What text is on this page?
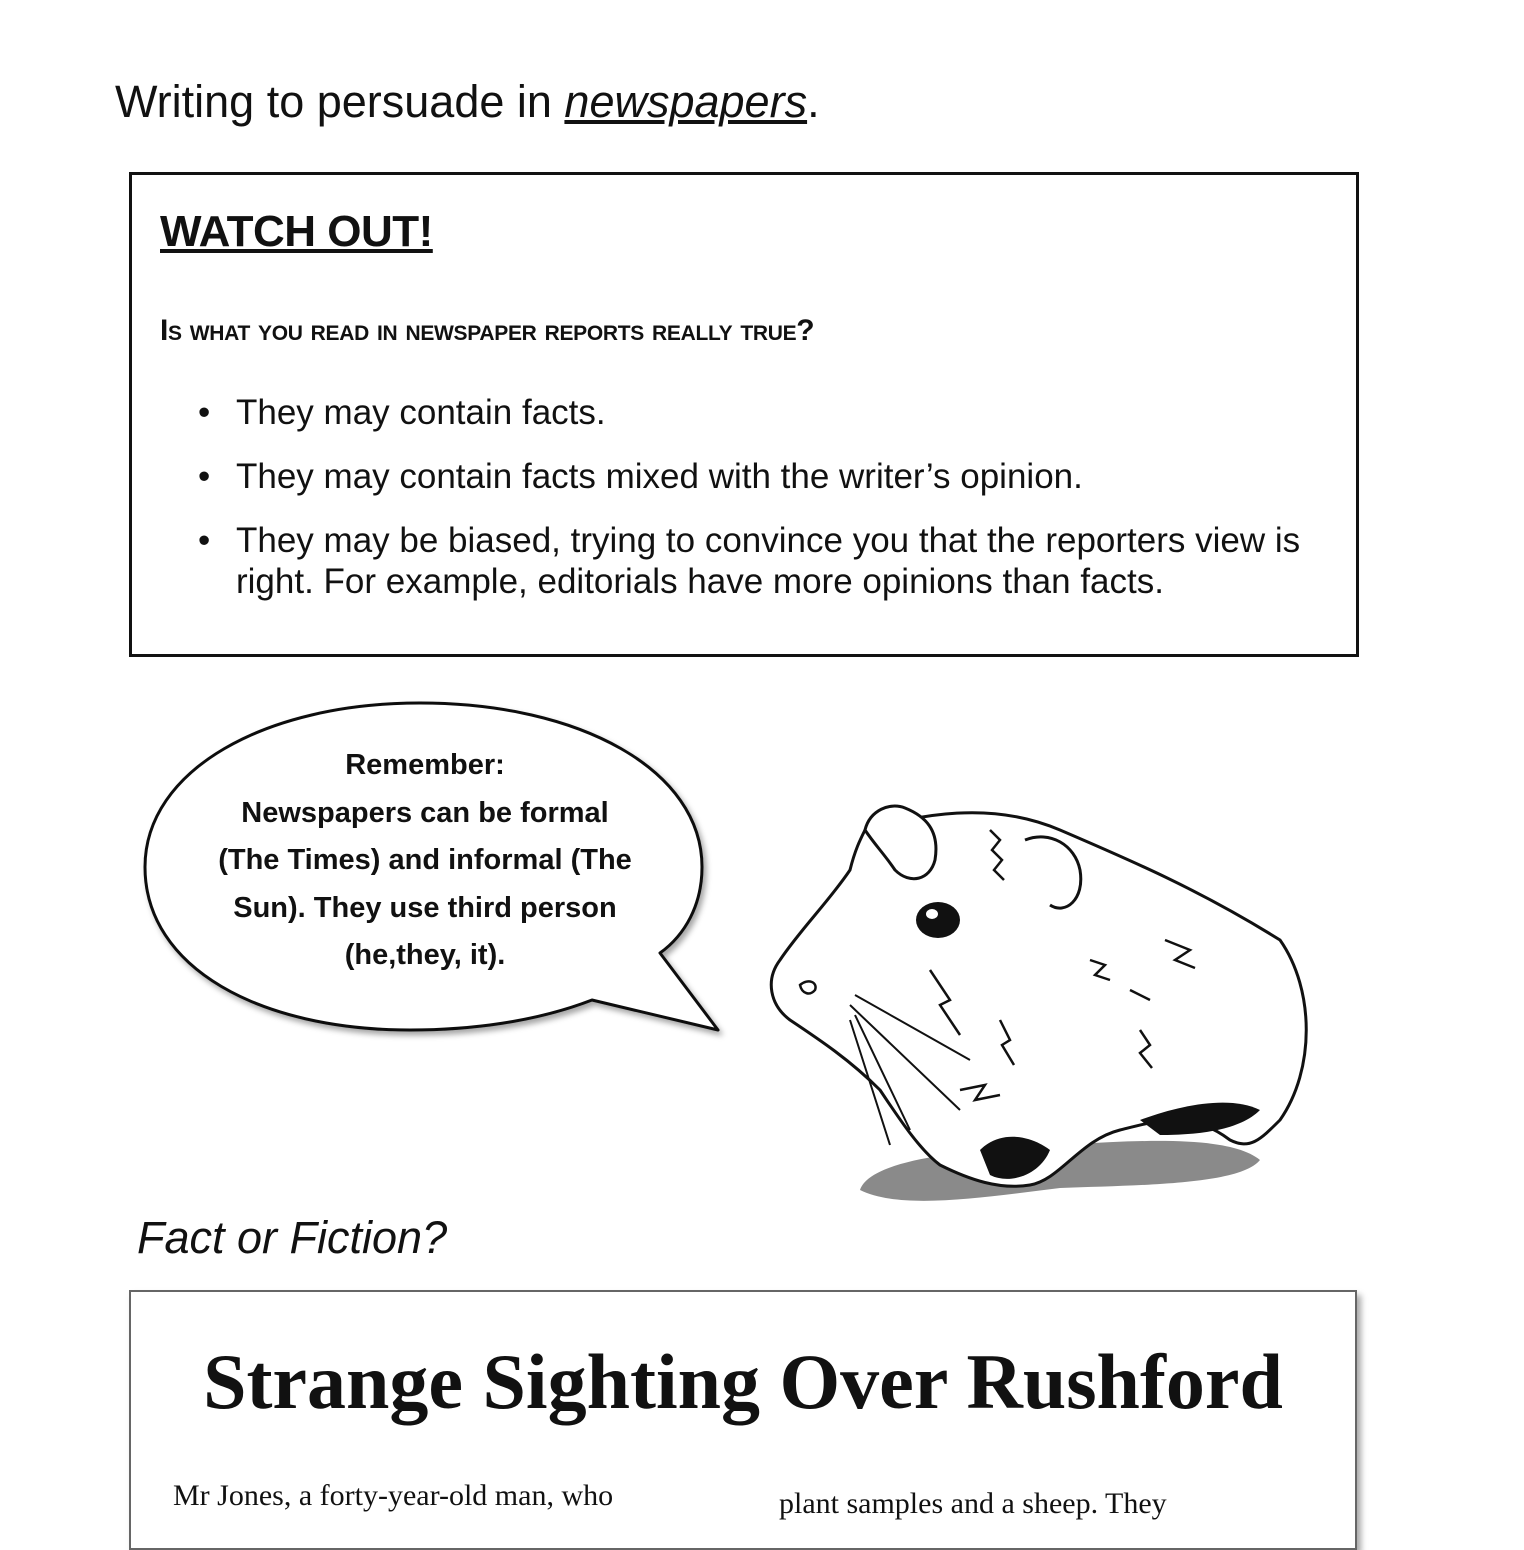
Writing to persuade in newspapers.
WATCH OUT!
Is what you read in newspaper reports really true?
• They may contain facts.
• They may contain facts mixed with the writer’s opinion.
• They may be biased, trying to convince you that the reporters view is right. For example, editorials have more opinions than facts.
Remember:
Newspapers can be formal
(The Times) and informal (The
Sun). They use third person
(he,they, it).
Fact or Fiction?
Strange Sighting Over Rushford
Mr Jones, a forty-year-old man, who	plant samples and a sheep. They
